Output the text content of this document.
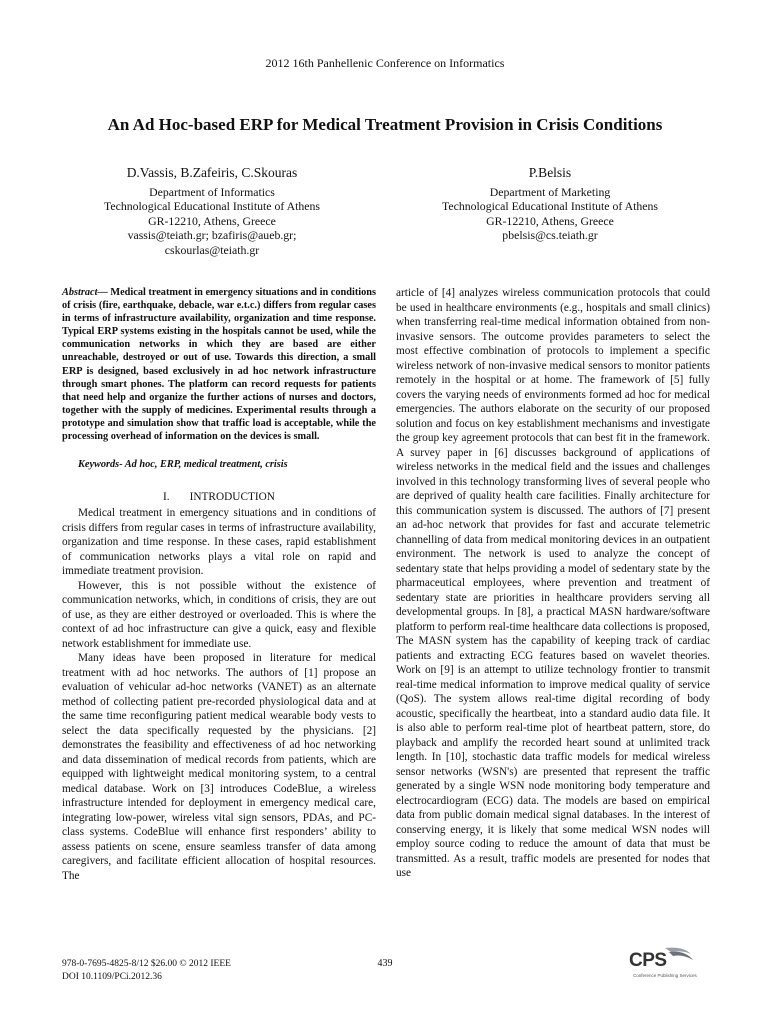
2012 16th Panhellenic Conference on Informatics
An Ad Hoc-based ERP for Medical Treatment Provision in Crisis Conditions
D.Vassis, B.Zafeiris, C.Skouras
Department of Informatics
Technological Educational Institute of Athens
GR-12210, Athens, Greece
vassis@teiath.gr; bzafiris@aueb.gr;
cskourlas@teiath.gr
P.Belsis
Department of Marketing
Technological Educational Institute of Athens
GR-12210, Athens, Greece
pbelsis@cs.teiath.gr

Abstract— Medical treatment in emergency situations and in conditions of crisis (fire, earthquake, debacle, war e.t.c.) differs from regular cases in terms of infrastructure availability, organization and time response. Typical ERP systems existing in the hospitals cannot be used, while the communication networks in which they are based are either unreachable, destroyed or out of use. Towards this direction, a small ERP is designed, based exclusively in ad hoc network infrastructure through smart phones. The platform can record requests for patients that need help and organize the further actions of nurses and doctors, together with the supply of medicines. Experimental results through a prototype and simulation show that traffic load is acceptable, while the processing overhead of information on the devices is small.

Keywords- Ad hoc, ERP, medical treatment, crisis
I. INTRODUCTION

Medical treatment in emergency situations and in conditions of crisis differs from regular cases in terms of infrastructure availability, organization and time response. In these cases, rapid establishment of communication networks plays a vital role on rapid and immediate treatment provision.

However, this is not possible without the existence of communication networks, which, in conditions of crisis, they are out of use, as they are either destroyed or overloaded. This is where the context of ad hoc infrastructure can give a quick, easy and flexible network establishment for immediate use.

Many ideas have been proposed in literature for medical treatment with ad hoc networks. The authors of [1] propose an evaluation of vehicular ad-hoc networks (VANET) as an alternate method of collecting patient pre-recorded physiological data and at the same time reconfiguring patient medical wearable body vests to select the data specifically requested by the physicians. [2] demonstrates the feasibility and effectiveness of ad hoc networking and data dissemination of medical records from patients, which are equipped with lightweight medical monitoring system, to a central medical database. Work on [3] introduces CodeBlue, a wireless infrastructure intended for deployment in emergency medical care, integrating low-power, wireless vital sign sensors, PDAs, and PC-class systems. CodeBlue will enhance first responders’ ability to assess patients on scene, ensure seamless transfer of data among caregivers, and facilitate efficient allocation of hospital resources. The

article of [4] analyzes wireless communication protocols that could be used in healthcare environments (e.g., hospitals and small clinics) when transferring real-time medical information obtained from non-invasive sensors. The outcome provides parameters to select the most effective combination of protocols to implement a specific wireless network of non-invasive medical sensors to monitor patients remotely in the hospital or at home. The framework of [5] fully covers the varying needs of environments formed ad hoc for medical emergencies. The authors elaborate on the security of our proposed solution and focus on key establishment mechanisms and investigate the group key agreement protocols that can best fit in the framework. A survey paper in [6] discusses background of applications of wireless networks in the medical field and the issues and challenges involved in this technology transforming lives of several people who are deprived of quality health care facilities. Finally architecture for this communication system is discussed. The authors of [7] present an ad-hoc network that provides for fast and accurate telemetric channelling of data from medical monitoring devices in an outpatient environment. The network is used to analyze the concept of sedentary state that helps providing a model of sedentary state by the pharmaceutical employees, where prevention and treatment of sedentary state are priorities in healthcare providers serving all developmental groups. In [8], a practical MASN hardware/software platform to perform real-time healthcare data collections is proposed, The MASN system has the capability of keeping track of cardiac patients and extracting ECG features based on wavelet theories. Work on [9] is an attempt to utilize technology frontier to transmit real-time medical information to improve medical quality of service (QoS). The system allows real-time digital recording of body acoustic, specifically the heartbeat, into a standard audio data file. It is also able to perform real-time plot of heartbeat pattern, store, do playback and amplify the recorded heart sound at unlimited track length. In [10], stochastic data traffic models for medical wireless sensor networks (WSN's) are presented that represent the traffic generated by a single WSN node monitoring body temperature and electrocardiogram (ECG) data. The models are based on empirical data from public domain medical signal databases. In the interest of conserving energy, it is likely that some medical WSN nodes will employ source coding to reduce the amount of data that must be transmitted. As a result, traffic models are presented for nodes that use

978-0-7695-4825-8/12 $26.00 © 2012 IEEE
DOI 10.1109/PCi.2012.36
439	CPS
Conference Publishing Services
